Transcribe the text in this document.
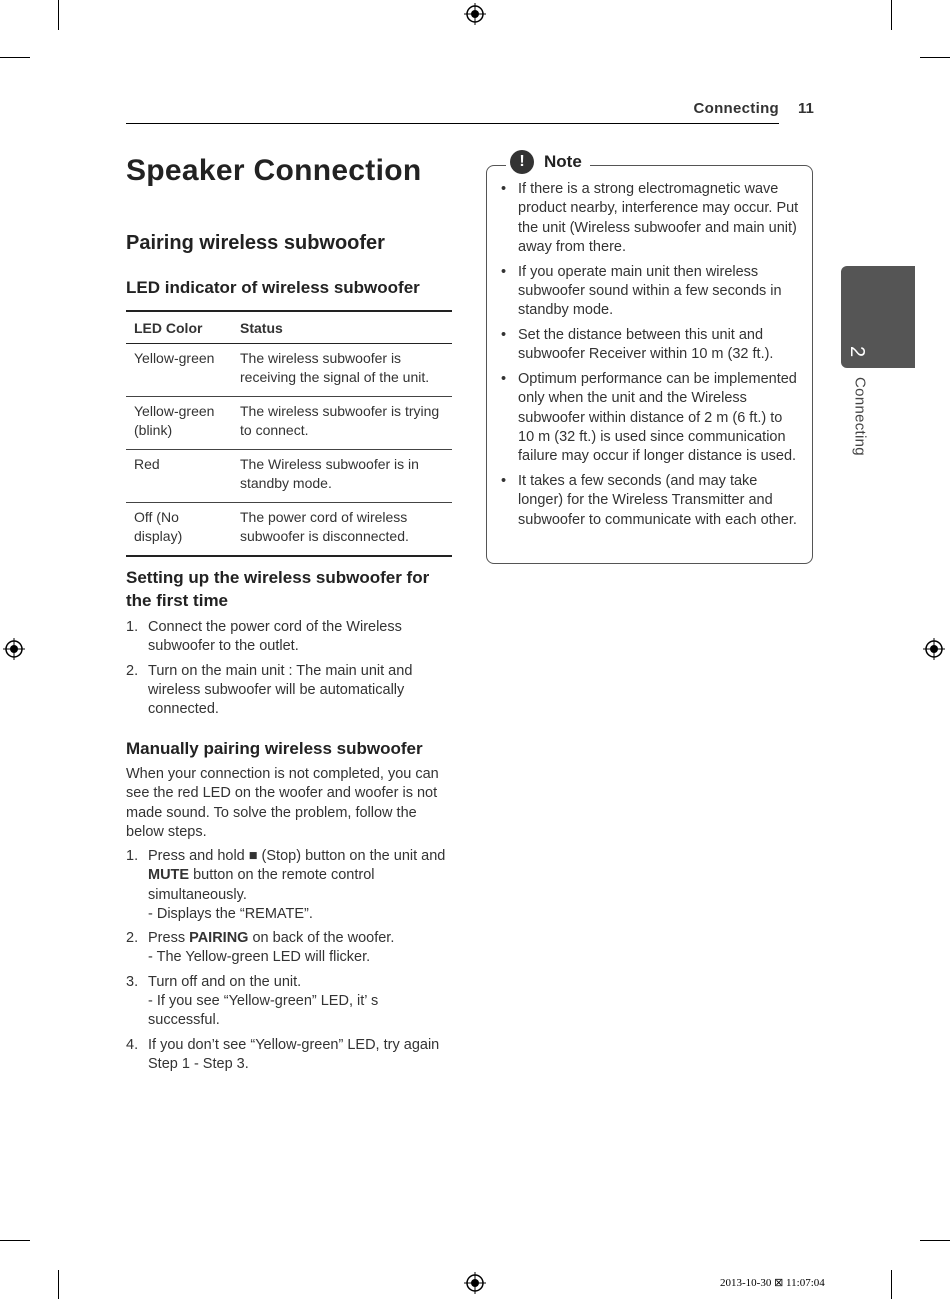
Connecting 11
2
Connecting
Speaker Connection
Pairing wireless subwoofer
LED indicator of wireless subwoofer
LED Color	Status
Yellow-green	The wireless subwoofer is receiving the signal of the unit.
Yellow-green (blink)	The wireless subwoofer is trying to connect.
Red	The Wireless subwoofer is in standby mode.
Off (No display)	The power cord of wireless subwoofer is disconnected.
Setting up the wireless subwoofer for the first time
1. Connect the power cord of the Wireless subwoofer to the outlet.
2. Turn on the main unit : The main unit and wireless subwoofer will be automatically connected.
Manually pairing wireless subwoofer
When your connection is not completed, you can see the red LED on the woofer and woofer is not made sound. To solve the problem, follow the below steps.
1. Press and hold ■ (Stop) button on the unit and MUTE button on the remote control simultaneously.
- Displays the “REMATE”.
2. Press PAIRING on back of the woofer.
- The Yellow-green LED will flicker.
3. Turn off and on the unit.
- If you see “Yellow-green” LED, it’ s successful.
4. If you don’t see “Yellow-green” LED, try again Step 1 - Step 3.
!	Note
• If there is a strong electromagnetic wave product nearby, interference may occur. Put the unit (Wireless subwoofer and main unit) away from there.
• If you operate main unit then wireless subwoofer sound within a few seconds in standby mode.
• Set the distance between this unit and subwoofer Receiver within 10 m (32 ft.).
• Optimum performance can be implemented only when the unit and the Wireless subwoofer within distance of 2 m (6 ft.) to 10 m (32 ft.) is used since communication failure may occur if longer distance is used.
• It takes a few seconds (and may take longer) for the Wireless Transmitter and subwoofer to communicate with each other.
2013-10-30 ⊠ 11:07:04
